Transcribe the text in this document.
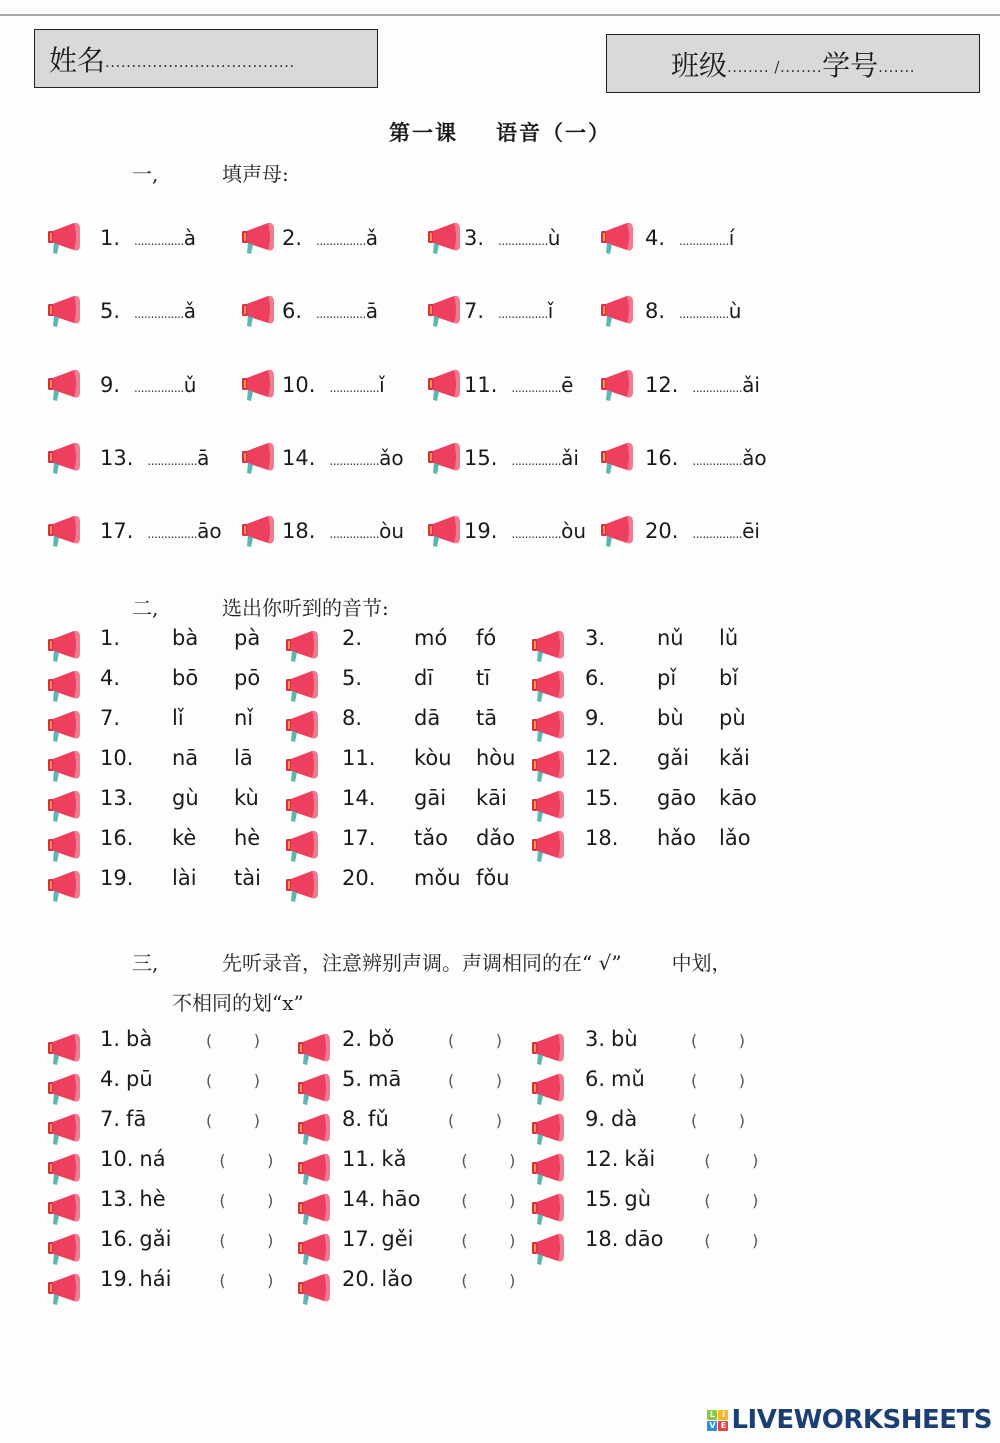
姓名 ....................................	班级 ........ /........ 学号 .......
第一课 语音（一）
一,	填声母:
1. ............... à	2. ............... ǎ	3. ............... ù	4. ............... í
5. ............... ǎ	6. ............... ā	7. ............... ǐ	8. ............... ù
9. ............... ǔ	10. ............... ǐ	11. ............... ē	12. ............... ǎi
13. ............... ā	14. ............... ǎo	15. ............... ǎi	16. ............... ǎo
17. ............... āo	18. ............... òu	19. ............... òu	20. ............... ēi
二,	选出你听到的音节:
1.	bà	pà	2.	mó	fó	3.	nǔ	lǔ
4.	bō	pō	5.	dī	tī	6.	pǐ	bǐ
7.	lǐ	nǐ	8.	dā	tā	9.	bù	pù
10.	nā	lā	11.	kòu	hòu	12.	gǎi	kǎi
13.	gù	kù	14.	gāi	kāi	15.	gāo	kāo
16.	kè	hè	17.	tǎo	dǎo	18.	hǎo	lǎo
19.	lài	tài	20.	mǒu fǒu
三,	先听录音，注意辨别声调。声调相同的在“ √”	中划，
不相同的划“x”
1. bà	(	)	2. bǒ	(	)	3. bù	(	)
4. pū	(	)	5. mā	(	)	6. mǔ	(	)
7. fā	(	)	8. fǔ	(	)	9. dà	(	)
10. ná	(	)	11. kǎ	(	)	12. kǎi	(	)
13. hè	(	)	14. hāo	(	)	15. gù	(	)
16. gǎi	(	)	17. gěi	(	)	18. dāo	(	)
19. hái	(	)	20. lǎo	(	)
L I
V E LIVEWORKSHEETS
